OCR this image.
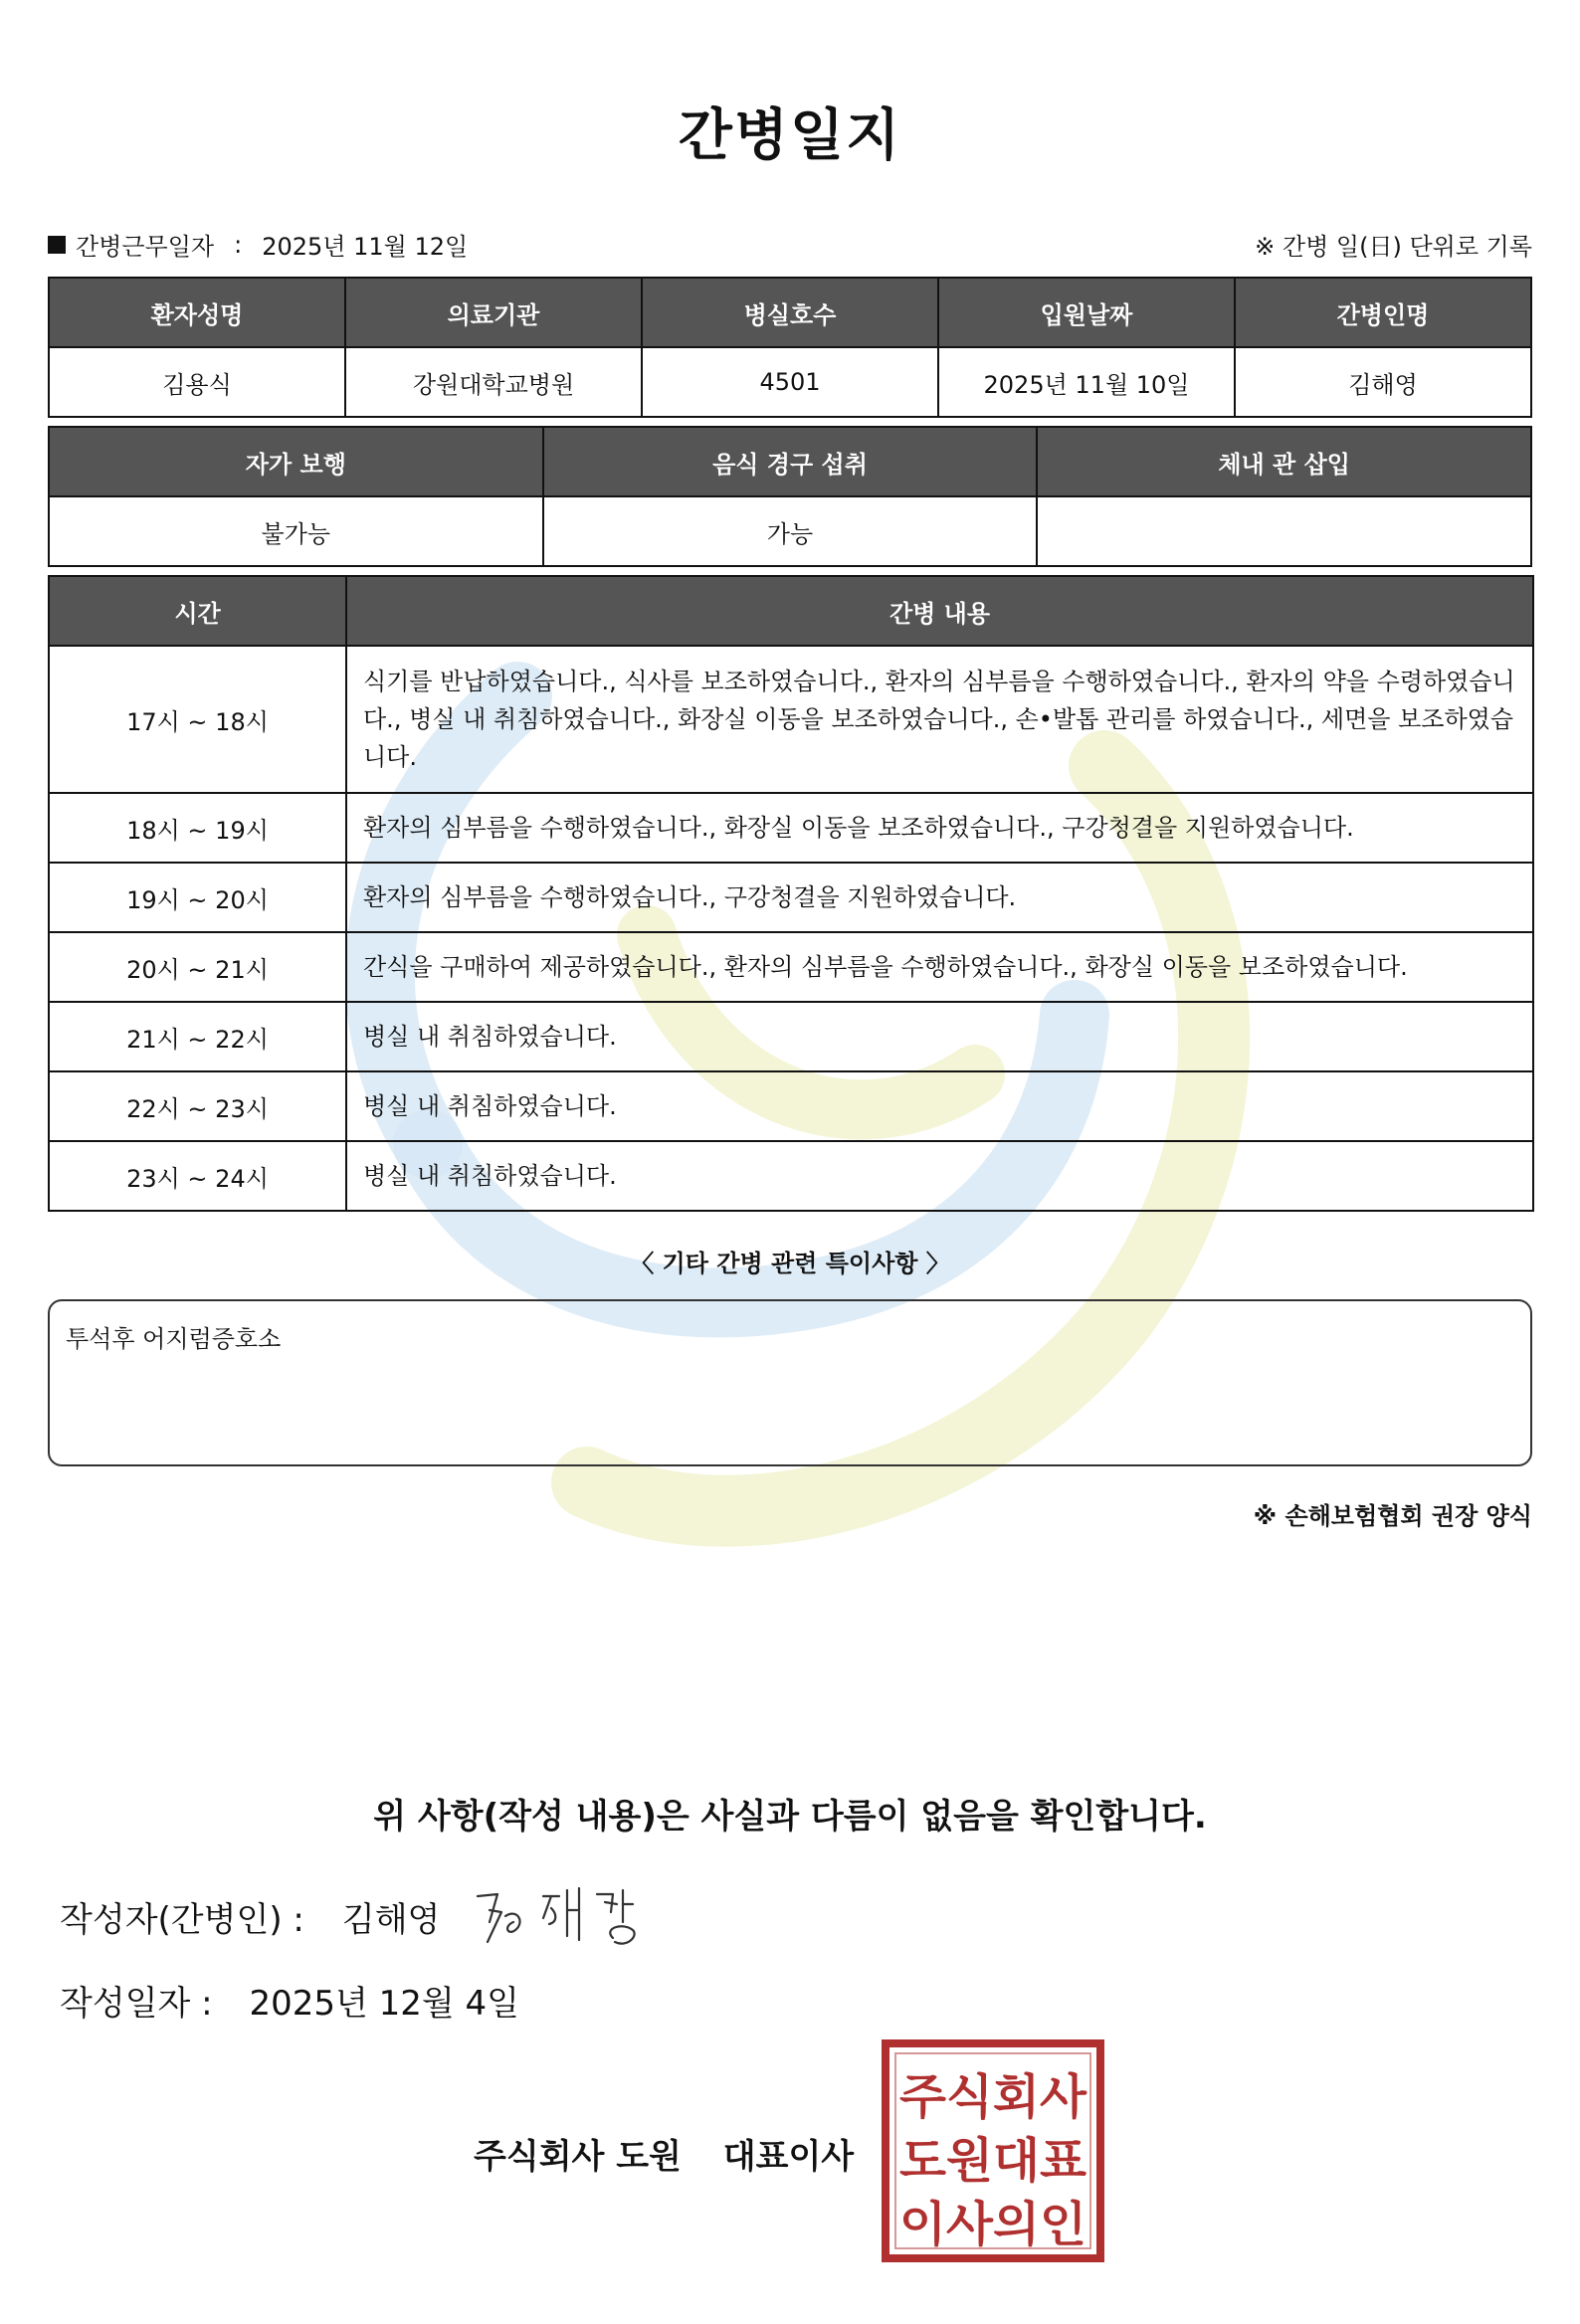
간병일지
간병근무일자 : 2025년 11월 12일	※ 간병 일(日) 단위로 기록
환자성명	의료기관	병실호수	입원날짜	간병인명
김용식	강원대학교병원	4501	2025년 11월 10일	김해영
자가 보행	음식 경구 섭취	체내 관 삽입
불가능	가능	
시간	간병 내용
17시 ~ 18시	식기를 반납하였습니다., 식사를 보조하였습니다., 환자의 심부름을 수행하였습니다., 환자의 약을 수령하였습니다., 병실 내 취침하였습니다., 화장실 이동을 보조하였습니다., 손•발톱 관리를 하였습니다., 세면을 보조하였습니다.
18시 ~ 19시	환자의 심부름을 수행하였습니다., 화장실 이동을 보조하였습니다., 구강청결을 지원하였습니다.
19시 ~ 20시	환자의 심부름을 수행하였습니다., 구강청결을 지원하였습니다.
20시 ~ 21시	간식을 구매하여 제공하였습니다., 환자의 심부름을 수행하였습니다., 화장실 이동을 보조하였습니다.
21시 ~ 22시	병실 내 취침하였습니다.
22시 ~ 23시	병실 내 취침하였습니다.
23시 ~ 24시	병실 내 취침하였습니다.
〈 기타 간병 관련 특이사항 〉
투석후 어지럼증호소
※ 손해보험협회 권장 양식
위 사항(작성 내용)은 사실과 다름이 없음을 확인합니다.
작성자(간병인) : 김해영
작성일자 : 2025년 12월 4일
주식회사 도원 대표이사
주식회사
도원대표
이사의인
